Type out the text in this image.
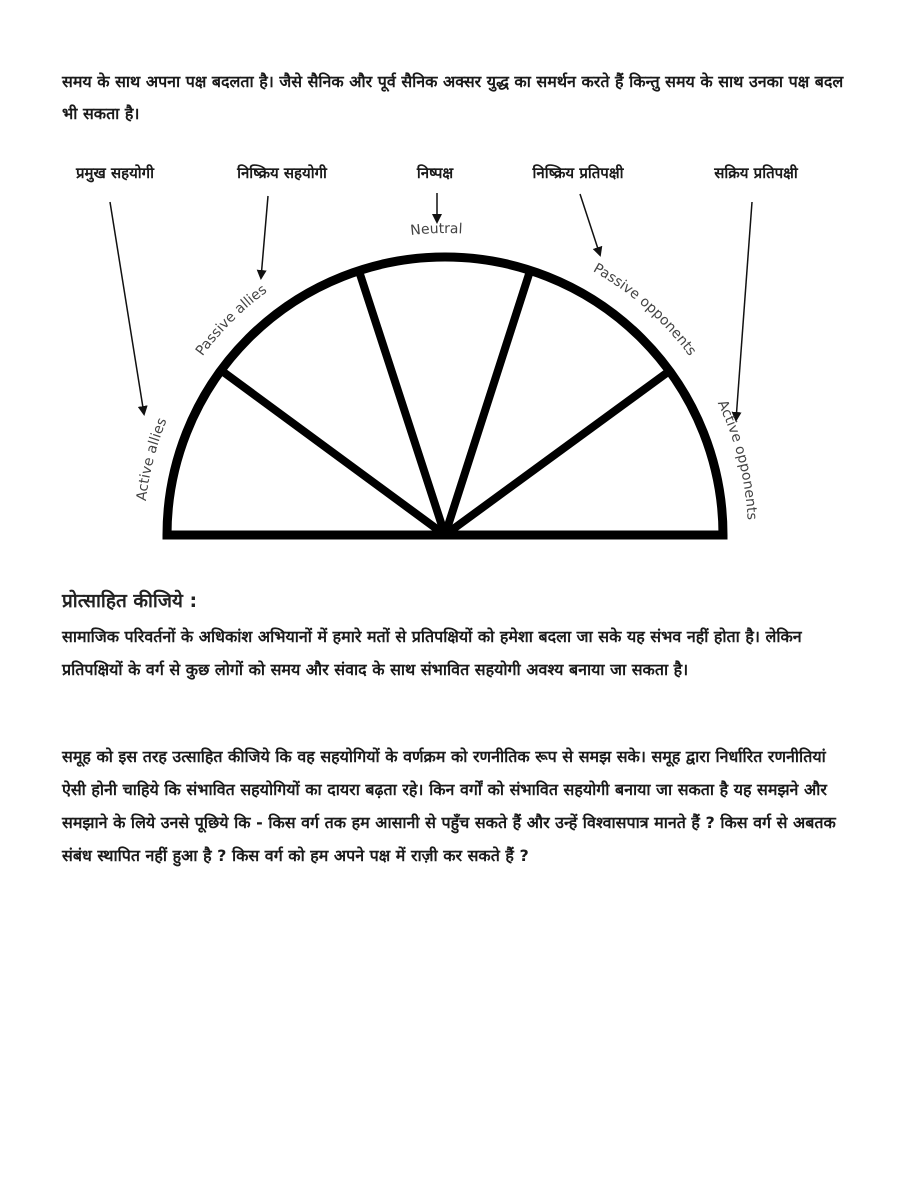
समय के साथ अपना पक्ष बदलता है। जैसे सैनिक और पूर्व सैनिक अक्सर युद्ध का समर्थन करते हैं किन्तु समय के साथ उनका पक्ष बदल भी सकता है।

प्रमुख सहयोगी	निष्क्रिय सहयोगी	निष्पक्ष	निष्क्रिय प्रतिपक्षी	सक्रिय प्रतिपक्षी
Active allies
Passive allies
Neutral
Passive opponents
Active opponents
प्रोत्साहित कीजिये :

सामाजिक परिवर्तनों के अधिकांश अभियानों में हमारे मतों से प्रतिपक्षियों को हमेशा बदला जा सके यह संभव नहीं होता है। लेकिन प्रतिपक्षियों के वर्ग से कुछ लोगों को समय और संवाद के साथ संभावित सहयोगी अवश्य बनाया जा सकता है।

समूह को इस तरह उत्साहित कीजिये कि वह सहयोगियों के वर्णक्रम को रणनीतिक रूप से समझ सके। समूह द्वारा निर्धारित रणनीतियां ऐसी होनी चाहिये कि संभावित सहयोगियों का दायरा बढ़ता रहे। किन वर्गों को संभावित सहयोगी बनाया जा सकता है यह समझने और समझाने के लिये उनसे पूछिये कि - किस वर्ग तक हम आसानी से पहुँच सकते हैं और उन्हें विश्वासपात्र मानते हैं ? किस वर्ग से अबतक संबंध स्थापित नहीं हुआ है ? किस वर्ग को हम अपने पक्ष में राज़ी कर सकते हैं ?
